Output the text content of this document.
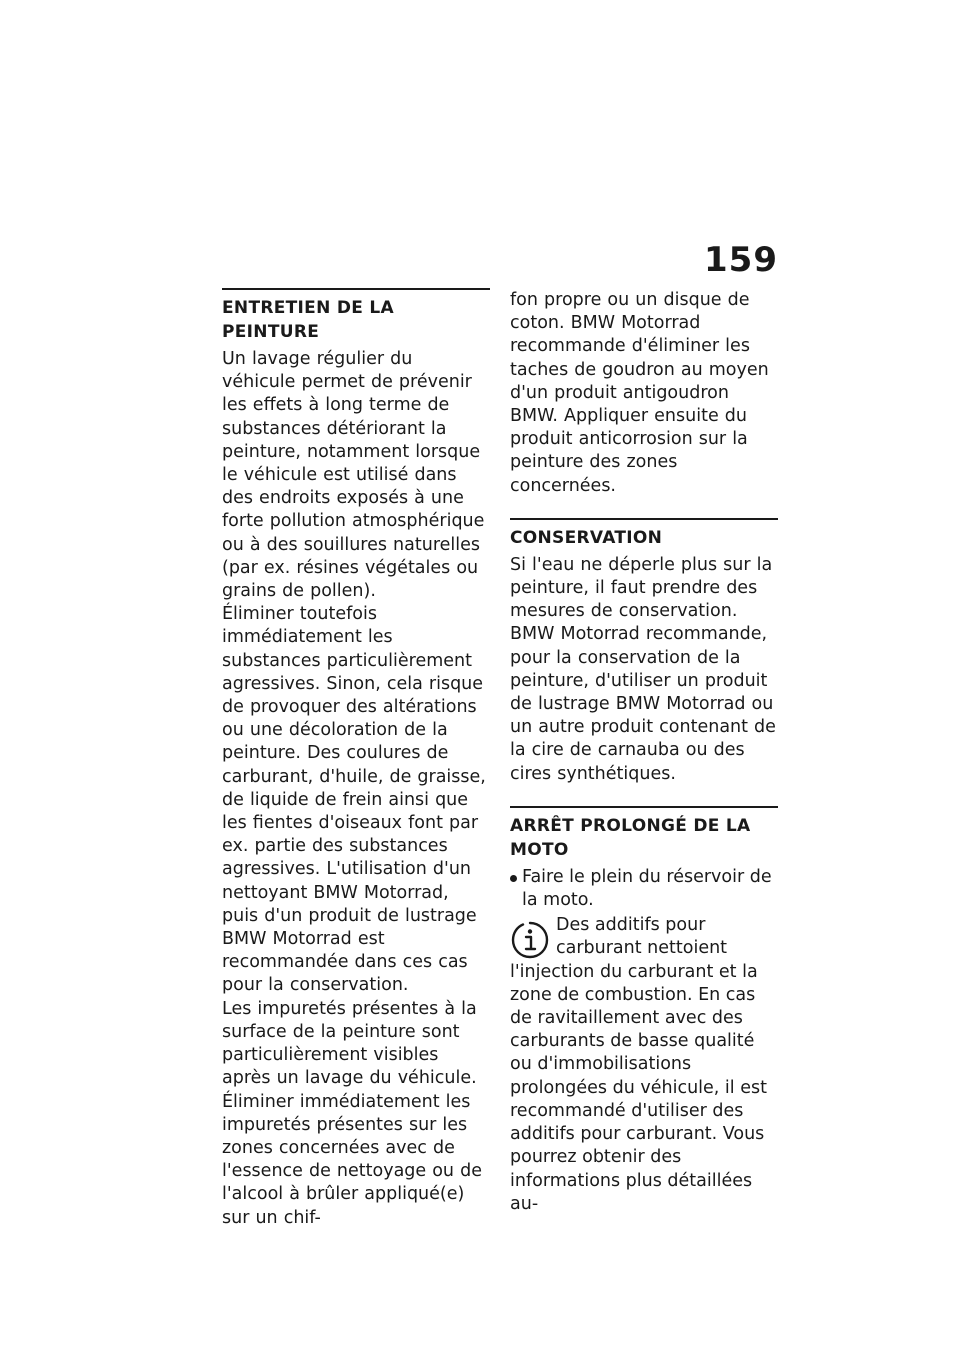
159
ENTRETIEN DE LA PEINTURE

Un lavage régulier du véhicule permet de prévenir les effets à long terme de substances détériorant la peinture, notamment lorsque le véhicule est utilisé dans des endroits exposés à une forte pollution atmosphérique ou à des souillures naturelles (par ex. résines végétales ou grains de pollen).

Éliminer toutefois immédiatement les substances particulièrement agressives. Sinon, cela risque de provoquer des altérations ou une décoloration de la peinture. Des coulures de carburant, d'huile, de graisse, de liquide de frein ainsi que les fientes d'oiseaux font par ex. partie des substances agressives. L'utilisation d'un nettoyant BMW Motorrad, puis d'un produit de lustrage BMW Motorrad est recommandée dans ces cas pour la conservation.

Les impuretés présentes à la surface de la peinture sont particulièrement visibles après un lavage du véhicule. Éliminer immédiatement les impuretés présentes sur les zones concernées avec de l'essence de nettoyage ou de l'alcool à brûler appliqué(e) sur un chif-

fon propre ou un disque de coton. BMW Motorrad recommande d'éliminer les taches de goudron au moyen d'un produit antigoudron BMW. Appliquer ensuite du produit anticorrosion sur la peinture des zones concernées.

CONSERVATION

Si l'eau ne déperle plus sur la peinture, il faut prendre des mesures de conservation.

BMW Motorrad recommande, pour la conservation de la peinture, d'utiliser un produit de lustrage BMW Motorrad ou un autre produit contenant de la cire de carnauba ou des cires synthétiques.

ARRÊT PROLONGÉ DE LA MOTO
Faire le plein du réservoir de la moto.

Des additifs pour carburant nettoient l'injection du carburant et la zone de combustion. En cas de ravitaillement avec des carburants de basse qualité ou d'immobilisations prolongées du véhicule, il est recommandé d'utiliser des additifs pour carburant. Vous pourrez obtenir des informations plus détaillées au-
